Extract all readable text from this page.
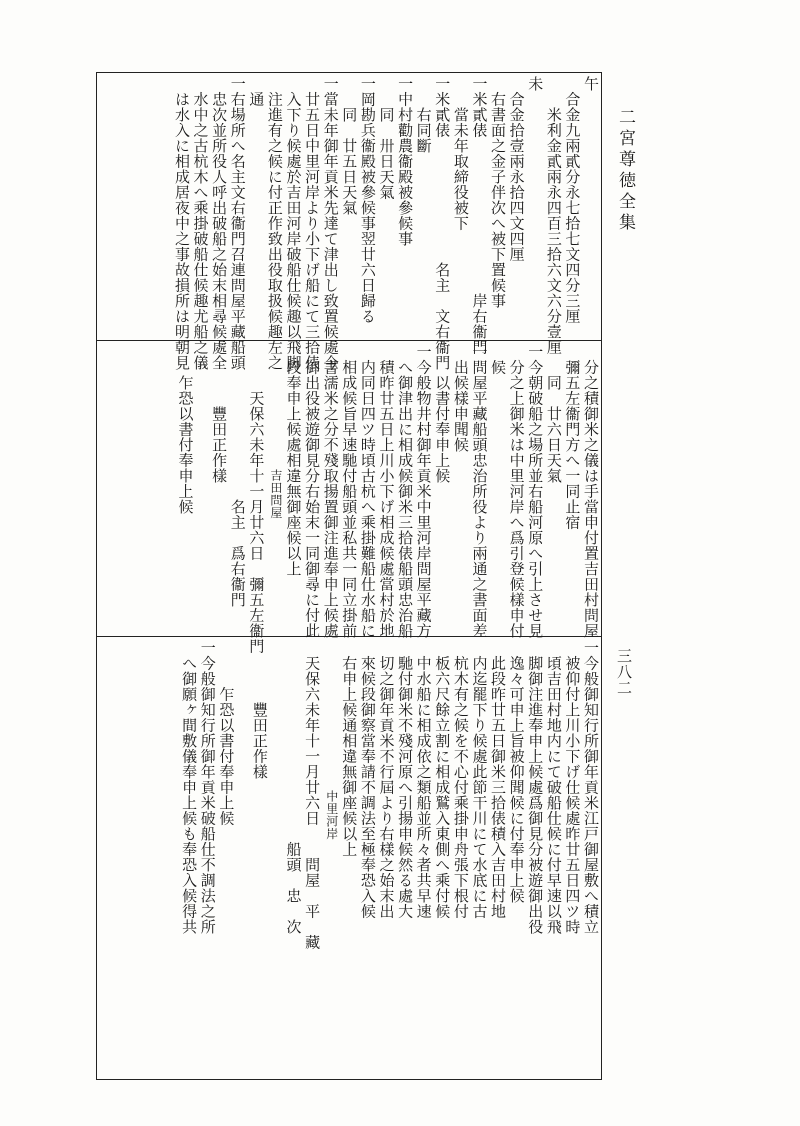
二宮尊徳全集
三八二
午
　合金九兩貳分永七拾七文四分三厘
　　米利金貳兩永四百三拾六文六分壹厘
未
　合金拾壹兩永拾四文四厘
　右書面之金子伴次へ被下置候事
一米貳俵　　　　　　　　　　岸右衞門
　　當未年取締役被下
一米貳俵　　　　　　　　名主　文右衞門
　　右同斷
一中村勸農衞殿被參候事
　　同　卅日天氣
一岡勘兵衞殿被參候事翌廿六日歸る
　　同　廿五日天氣
一當未年御年貢米先達て津出し致置候處今
　廿五日中里河岸より小下げ船にて三拾俵
　入下り候處於吉田河岸破船仕候趣以飛脚
　注進有之候に付正作致出役取扱候趣左之
　通
一右場所へ名主文右衞門召連問屋平藏船頭
　忠次並所役人呼出破船之始末相尋候處全
　水中之古杭木へ乘掛破船仕候趣尤船之儀
　は水入に相成居夜中之事故損所は明朝見
　分之積御米之儀は手當申付置吉田村問屋
　彌五左衞門方へ一同止宿
　　同　廿六日天氣
一今朝破船之場所並右船河原へ引上させ見
　分之上御米は中里河岸へ爲引登候樣申付
　候
一問屋平藏船頭忠治所役より兩通之書面差
　出候樣申聞候
　　以書付奉申上候
一今般物井村御年貢米中里河岸問屋平藏方
　へ御津出に相成候御米三拾俵船頭忠治船
　積昨廿五日上川小下げ相成候處當村於地
　内同日四ツ時頃古杭へ乘掛難船仕水船に
　相成候旨早速馳付船頭並私共一同立掛前
　書濡米之分不殘取揚置御注進奉申上候處
　御出役被遊御見分右始末一同御尋に付此
　段奉申上候處相違無御座候以上
　　　　　　　　　　吉田問屋
　　　天保六未年十一月廿六日　彌五左衞門
　　　　　　　　　　名主　爲右衞門
　　　　豐田正作樣
　　乍恐以書付奉申上候
一今般御知行所御年貢米江戸御屋敷へ積立
　被仰付上川小下げ仕候處昨廿五日四ツ時
　頃吉田村地内にて破船仕候に付早速以飛
　脚御注進奉申上候處爲御見分被遊御出役
　逸々可申上旨被仰聞候に付奉申上候
　此段昨廿五日御米三拾俵積入吉田村地
　内迄罷下り候處此節干川にて水底に古
　杭木有之候を不心付乘掛申舟張下根付
　板六尺餘立割に相成鷲入東側へ乘付候
　中水船に相成依之類船並所々者共早速
　馳付御米不殘河原へ引揚申候然る處大
　切之御年貢米不行屆より右樣之始末出
　來候段御察當奉請不調法至極奉恐入候
　右申上候通相違無御座候以上
　　　　　　　　　　　　中里河岸
　天保六未年十一月廿六日　　問屋　平　藏
　　　　　　　　　　　　　船頭　忠　次
　　　　豐田正作樣
　　　乍恐以書付奉申上候
一今般御知行所御年貢米破船仕不調法之所
　へ御願ヶ間敷儀奉申上候も奉恐入候得共
